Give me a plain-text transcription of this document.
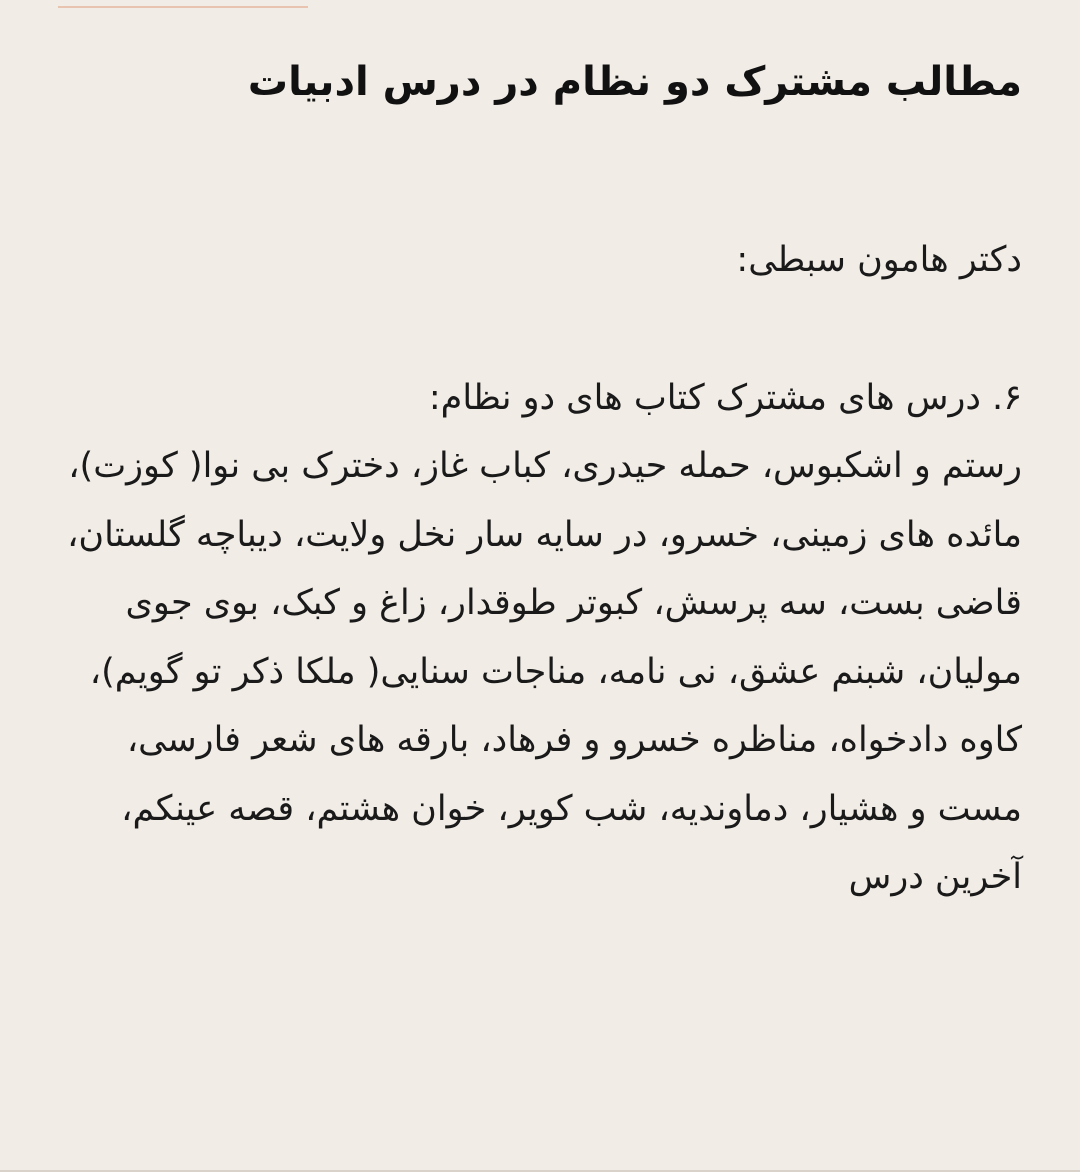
مطالب مشترک دو نظام در درس ادبیات

دکتر هامون سبطی:

۶. درس های مشترک کتاب های دو نظام:

رستم و اشکبوس، حمله حیدری، کباب غاز، دخترک بی نوا( کوزت)، مائده های زمینی، خسرو، در سایه سار نخل ولایت، دیباچه گلستان، قاضی بست، سه پرسش، کبوتر طوقدار، زاغ و کبک، بوی جوی مولیان، شبنم عشق، نی نامه، مناجات سنایی( ملکا ذکر تو گویم)، کاوه دادخواه، مناظره خسرو و فرهاد، بارقه های شعر فارسی، مست و هشیار، دماوندیه، شب کویر، خوان هشتم، قصه عینکم، آخرین درس
